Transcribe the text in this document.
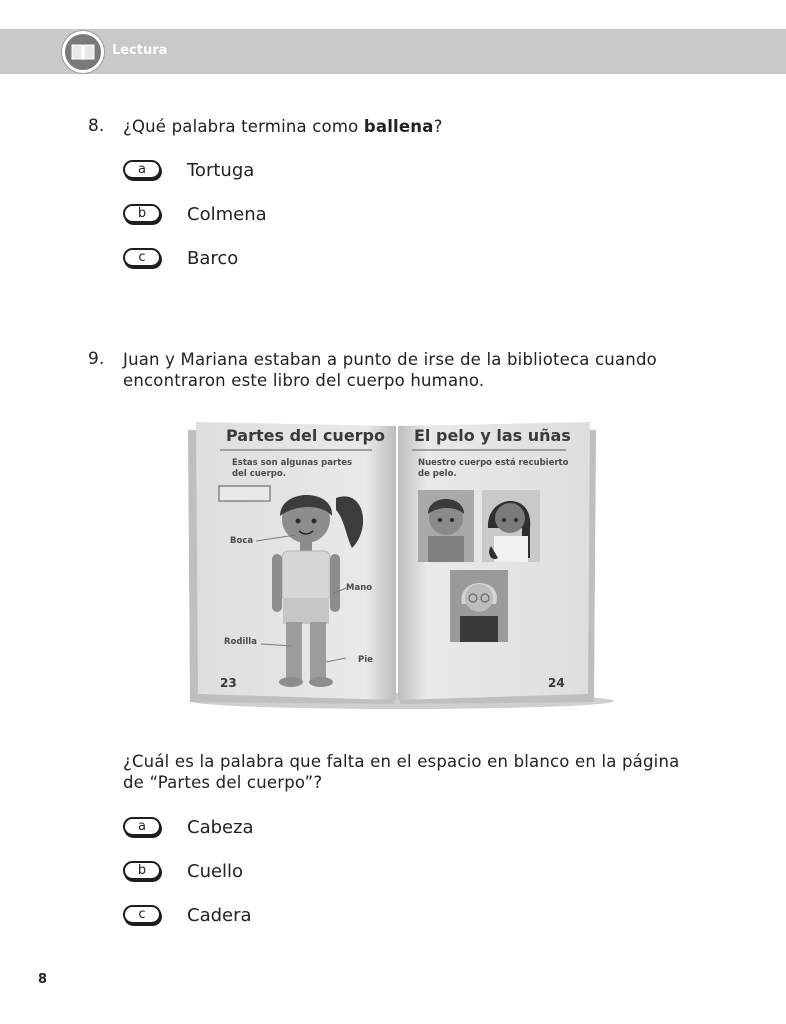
Lectura
8. ¿Qué palabra termina como ballena?
a	Tortuga
b	Colmena
c	Barco
9. Juan y Mariana estaban a punto de irse de la biblioteca cuando
encontraron este libro del cuerpo humano.
Partes del cuerpo
Estas son algunas partes
del cuerpo.
Boca
Mano
Rodilla
Pie
23
El pelo y las uñas
Nuestro cuerpo está recubierto
de pelo.
24
¿Cuál es la palabra que falta en el espacio en blanco en la página
de “Partes del cuerpo”?
a	Cabeza
b	Cuello
c	Cadera
8
